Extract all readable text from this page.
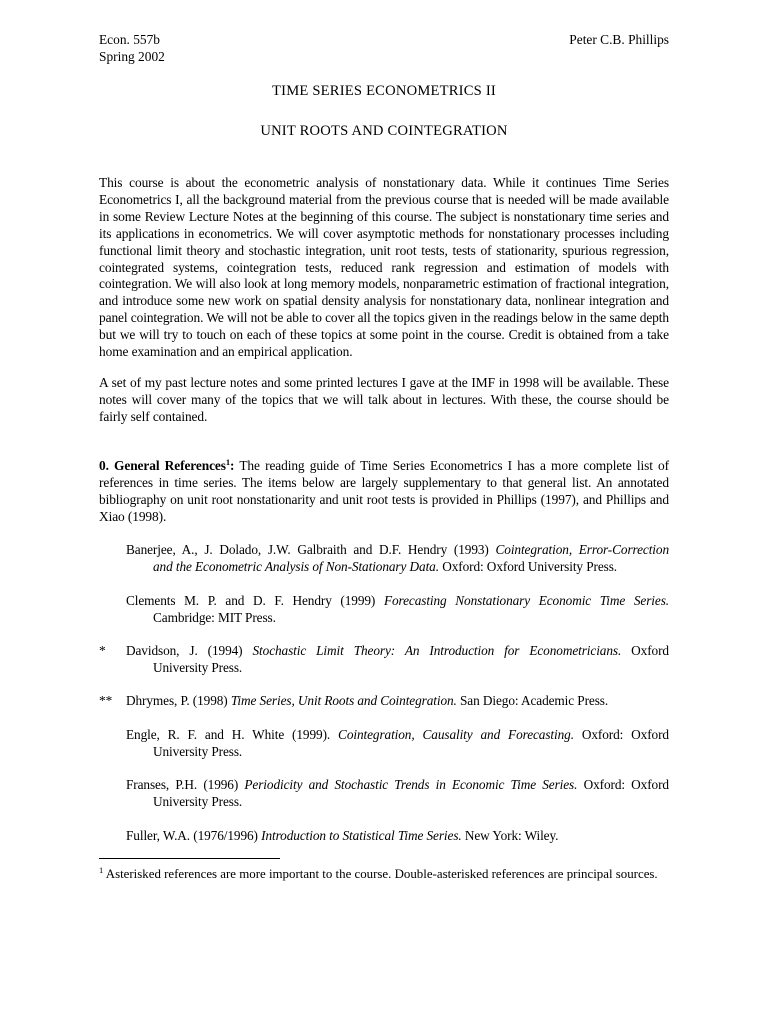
Econ. 557b
Spring 2002
Peter C.B. Phillips
TIME SERIES ECONOMETRICS II
UNIT ROOTS AND COINTEGRATION
This course is about the econometric analysis of nonstationary data. While it continues Time Series Econometrics I, all the background material from the previous course that is needed will be made available in some Review Lecture Notes at the beginning of this course. The subject is nonstationary time series and its applications in econometrics. We will cover asymptotic methods for nonstationary processes including functional limit theory and stochastic integration, unit root tests, tests of stationarity, spurious regression, cointegrated systems, cointegration tests, reduced rank regression and estimation of models with cointegration. We will also look at long memory models, nonparametric estimation of fractional integration, and introduce some new work on spatial density analysis for nonstationary data, nonlinear integration and panel cointegration. We will not be able to cover all the topics given in the readings below in the same depth but we will try to touch on each of these topics at some point in the course. Credit is obtained from a take home examination and an empirical application.
A set of my past lecture notes and some printed lectures I gave at the IMF in 1998 will be available. These notes will cover many of the topics that we will talk about in lectures. With these, the course should be fairly self contained.
0. General References$^1$: The reading guide of Time Series Econometrics I has a more complete list of references in time series. The items below are largely supplementary to that general list. An annotated bibliography on unit root nonstationarity and unit root tests is provided in Phillips (1997), and Phillips and Xiao (1998).
Banerjee, A., J. Dolado, J.W. Galbraith and D.F. Hendry (1993) Cointegration, Error-Correction
and the Econometric Analysis of Non-Stationary Data. Oxford: Oxford University Press.
Clements M. P. and D. F. Hendry (1999) Forecasting Nonstationary Economic Time Series.
Cambridge: MIT Press.
* Davidson, J. (1994) Stochastic Limit Theory: An Introduction for Econometricians. Oxford
University Press.
** Dhrymes, P. (1998) Time Series, Unit Roots and Cointegration. San Diego: Academic Press.
Engle, R. F. and H. White (1999). Cointegration, Causality and Forecasting. Oxford: Oxford
University Press.
Franses, P.H. (1996) Periodicity and Stochastic Trends in Economic Time Series. Oxford: Oxford
University Press.
Fuller, W.A. (1976/1996) Introduction to Statistical Time Series. New York: Wiley.
$^1$ Asterisked references are more important to the course. Double-asterisked references are principal sources.
